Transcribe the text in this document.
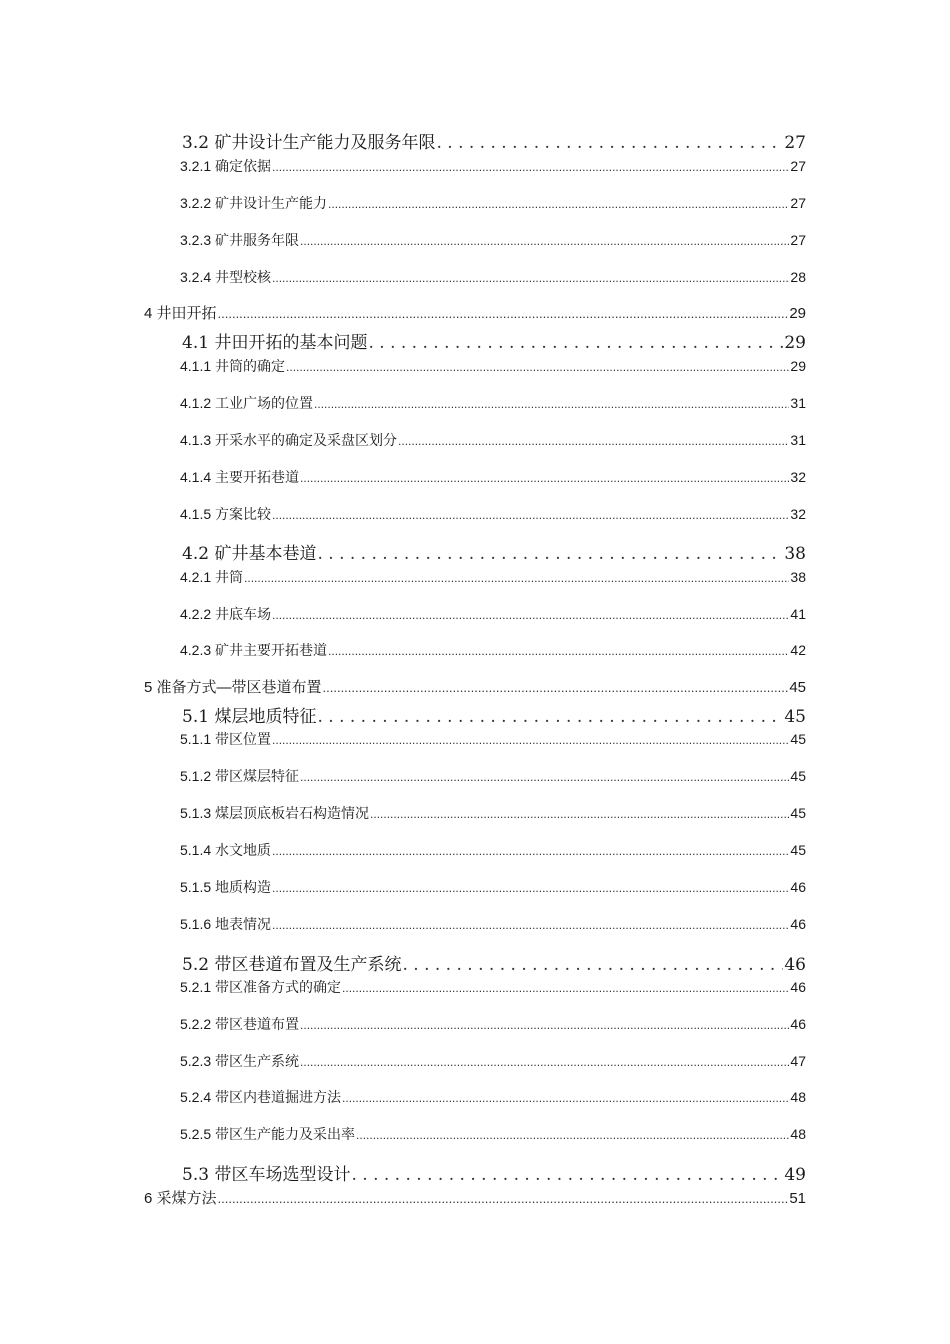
3.2 矿井设计生产能力及服务年限 . . .	27
3.2.1 确定依据 .....	27
3.2.2 矿井设计生产能力 .....	27
3.2.3 矿井服务年限 .....	27
3.2.4 井型校核 .....	28
4 井田开拓 .....	29
4.1 井田开拓的基本问题 . . .	29
4.1.1 井筒的确定 .....	29
4.1.2 工业广场的位置 .....	31
4.1.3 开采水平的确定及采盘区划分 .....	31
4.1.4 主要开拓巷道 .....	32
4.1.5 方案比较 .....	32
4.2 矿井基本巷道 . . .	38
4.2.1 井筒 .....	38
4.2.2 井底车场 .....	41
4.2.3 矿井主要开拓巷道 .....	42
5 准备方式—带区巷道布置 .....	45
5.1 煤层地质特征 . . .	45
5.1.1 带区位置 .....	45
5.1.2 带区煤层特征 .....	45
5.1.3 煤层顶底板岩石构造情况 .....	45
5.1.4 水文地质 .....	45
5.1.5 地质构造 .....	46
5.1.6 地表情况 .....	46
5.2 带区巷道布置及生产系统 . . .	46
5.2.1 带区准备方式的确定 .....	46
5.2.2 带区巷道布置 .....	46
5.2.3 带区生产系统 .....	47
5.2.4 带区内巷道掘进方法 .....	48
5.2.5 带区生产能力及采出率 .....	48
5.3 带区车场选型设计 . . .	49
6 采煤方法 .....	51
